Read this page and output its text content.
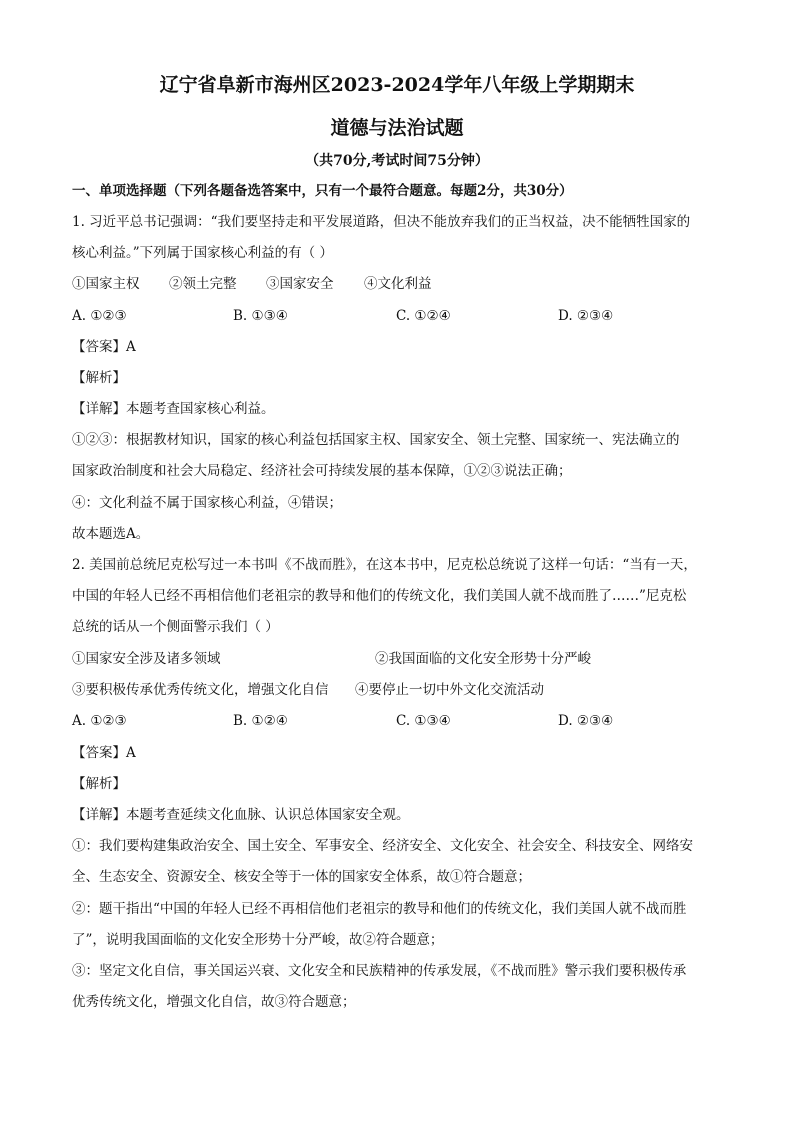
辽宁省阜新市海州区2023-2024学年八年级上学期期末
道德与法治试题
（共70分,考试时间75分钟）
一、单项选择题（下列各题备选答案中，只有一个最符合题意。每题2分，共30分）
1. 习近平总书记强调：“我们要坚持走和平发展道路，但决不能放弃我们的正当权益，决不能牺牲国家的
核心利益。”下列属于国家核心利益的有（ ）
①国家主权 ②领土完整 ③国家安全 ④文化利益
A. ①②③	B. ①③④	C. ①②④	D. ②③④
【答案】A
【解析】
【详解】本题考查国家核心利益。
①②③：根据教材知识，国家的核心利益包括国家主权、国家安全、领土完整、国家统一、宪法确立的
国家政治制度和社会大局稳定、经济社会可持续发展的基本保障，①②③说法正确；
④：文化利益不属于国家核心利益，④错误；
故本题选A。
2. 美国前总统尼克松写过一本书叫《不战而胜》，在这本书中，尼克松总统说了这样一句话：“当有一天，
中国的年轻人已经不再相信他们老祖宗的教导和他们的传统文化，我们美国人就不战而胜了……”尼克松
总统的话从一个侧面警示我们（ ）
①国家安全涉及诸多领域	②我国面临的文化安全形势十分严峻
③要积极传承优秀传统文化，增强文化自信 ④要停止一切中外文化交流活动
A. ①②③	B. ①②④	C. ①③④	D. ②③④
【答案】A
【解析】
【详解】本题考查延续文化血脉、认识总体国家安全观。
①：我们要构建集政治安全、国土安全、军事安全、经济安全、文化安全、社会安全、科技安全、网络安
全、生态安全、资源安全、核安全等于一体的国家安全体系，故①符合题意；
②：题干指出“中国的年轻人已经不再相信他们老祖宗的教导和他们的传统文化，我们美国人就不战而胜
了”，说明我国面临的文化安全形势十分严峻，故②符合题意；
③：坚定文化自信，事关国运兴衰、文化安全和民族精神的传承发展，《不战而胜》警示我们要积极传承
优秀传统文化，增强文化自信，故③符合题意；
